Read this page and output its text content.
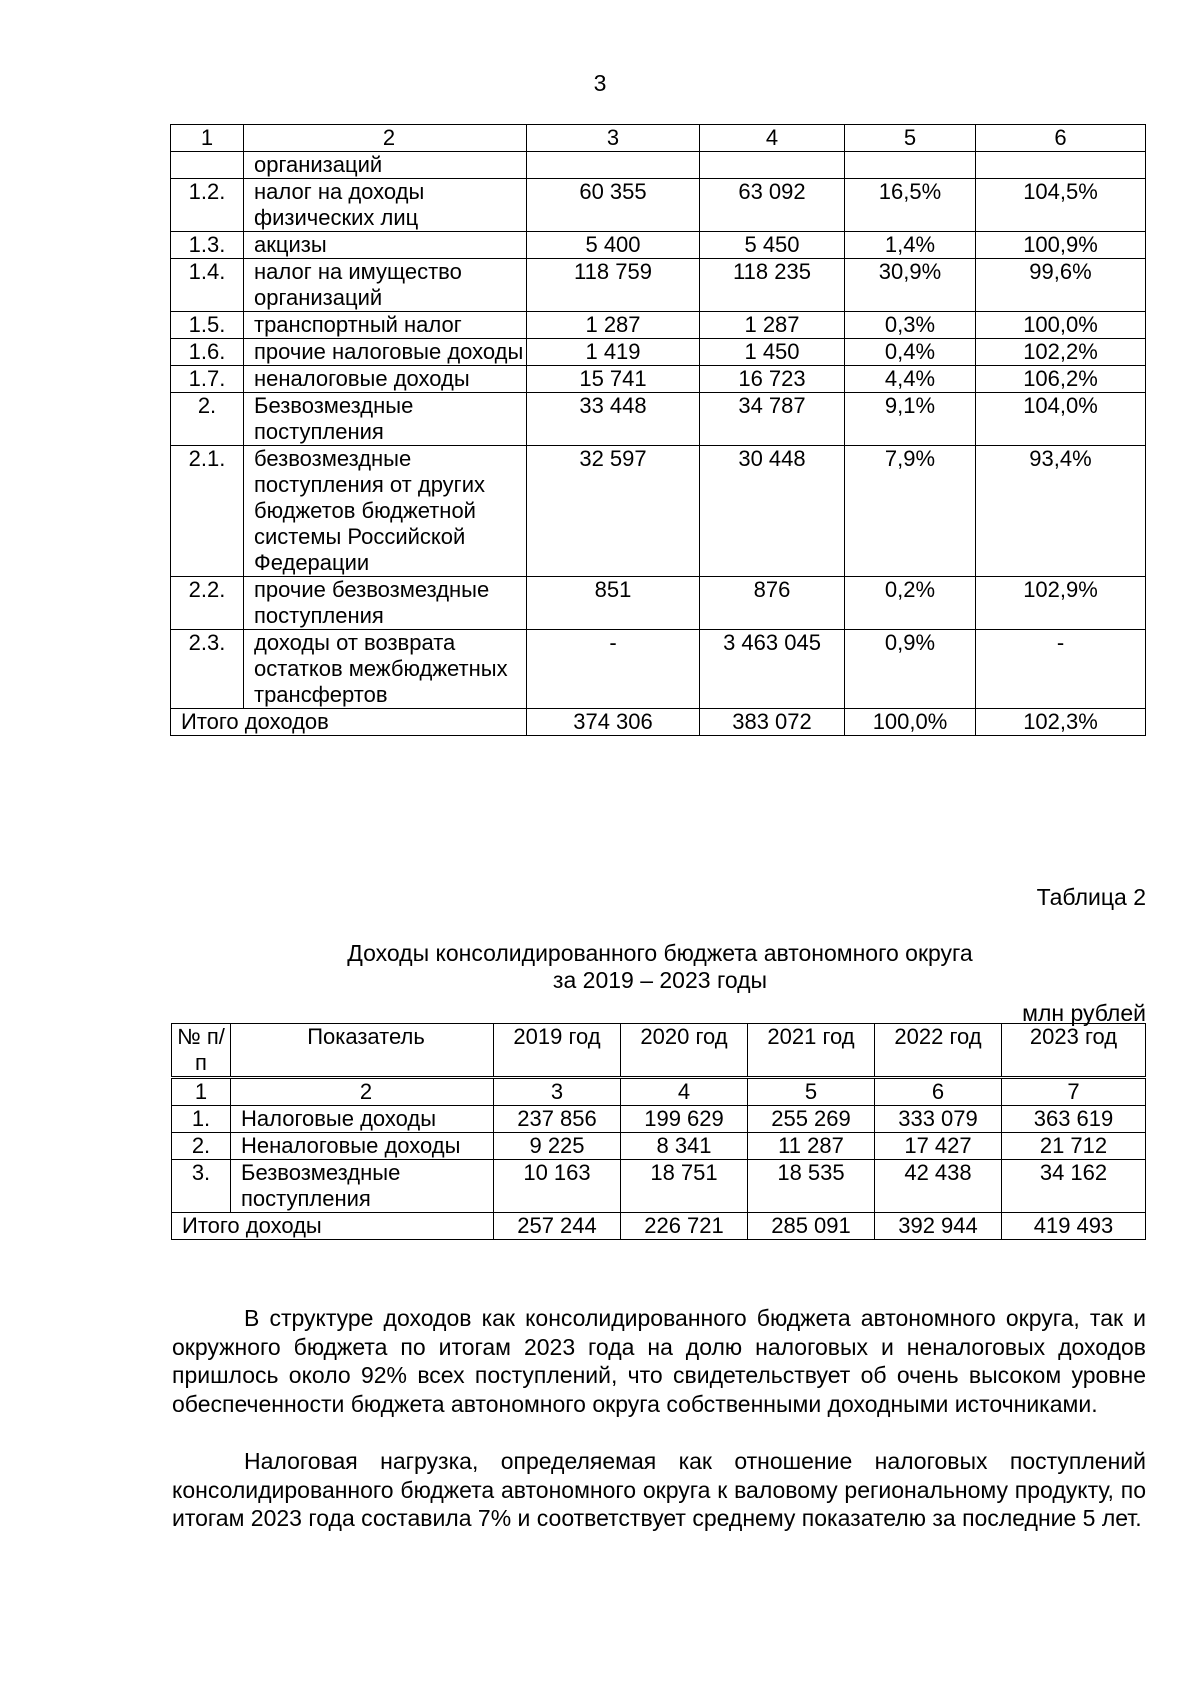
3
1	2	3	4	5	6
	организаций				
1.2.	налог на доходы физических лиц	60 355	63 092	16,5%	104,5%
1.3.	акцизы	5 400	5 450	1,4%	100,9%
1.4.	налог на имущество организаций	118 759	118 235	30,9%	99,6%
1.5.	транспортный налог	1 287	1 287	0,3%	100,0%
1.6.	прочие налоговые доходы	1 419	1 450	0,4%	102,2%
1.7.	неналоговые доходы	15 741	16 723	4,4%	106,2%
2.	Безвозмездные поступления	33 448	34 787	9,1%	104,0%
2.1.	безвозмездные поступления от других бюджетов бюджетной системы Российской Федерации	32 597	30 448	7,9%	93,4%
2.2.	прочие безвозмездные поступления	851	876	0,2%	102,9%
2.3.	доходы от возврата остатков межбюджетных трансфертов	-	3 463 045	0,9%	-
Итого доходов		374 306	383 072	100,0%	102,3%
Таблица 2
Доходы консолидированного бюджета автономного округа
за 2019 – 2023 годы
млн рублей
№ п/п	Показатель	2019 год	2020 год	2021 год	2022 год	2023 год
1	2	3	4	5	6	7
1.	Налоговые доходы	237 856	199 629	255 269	333 079	363 619
2.	Неналоговые доходы	9 225	8 341	11 287	17 427	21 712
3.	Безвозмездные поступления	10 163	18 751	18 535	42 438	34 162
Итого доходы		257 244	226 721	285 091	392 944	419 493
В структуре доходов как консолидированного бюджета автономного округа, так и окружного бюджета по итогам 2023 года на долю налоговых и неналоговых доходов пришлось около 92% всех поступлений, что свидетельствует об очень высоком уровне обеспеченности бюджета автономного округа собственными доходными источниками.
Налоговая нагрузка, определяемая как отношение налоговых поступлений консолидированного бюджета автономного округа к валовому региональному продукту, по итогам 2023 года составила 7% и соответствует среднему показателю за последние 5 лет.
